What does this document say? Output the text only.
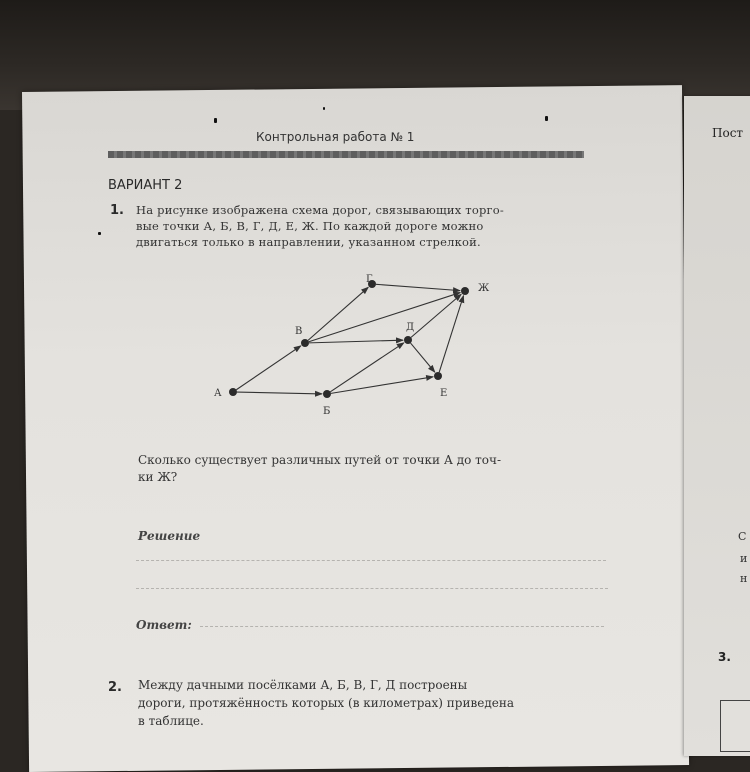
Контрольная работа № 1
ВАРИАНТ 2
1. На рисунке изображена схема дорог, связывающих торго-
вые точки А, Б, В, Г, Д, Е, Ж. По каждой дороге можно
двигаться только в направлении, указанном стрелкой.
А
Б
В
Г
Д
Е
Ж
Сколько существует различных путей от точки А до точ-
ки Ж?
Решение
Ответ:
2. Между дачными посёлками А, Б, В, Г, Д построены
дороги, протяжённость которых (в километрах) приведена
в таблице.
Пост
С
и
н
3.
